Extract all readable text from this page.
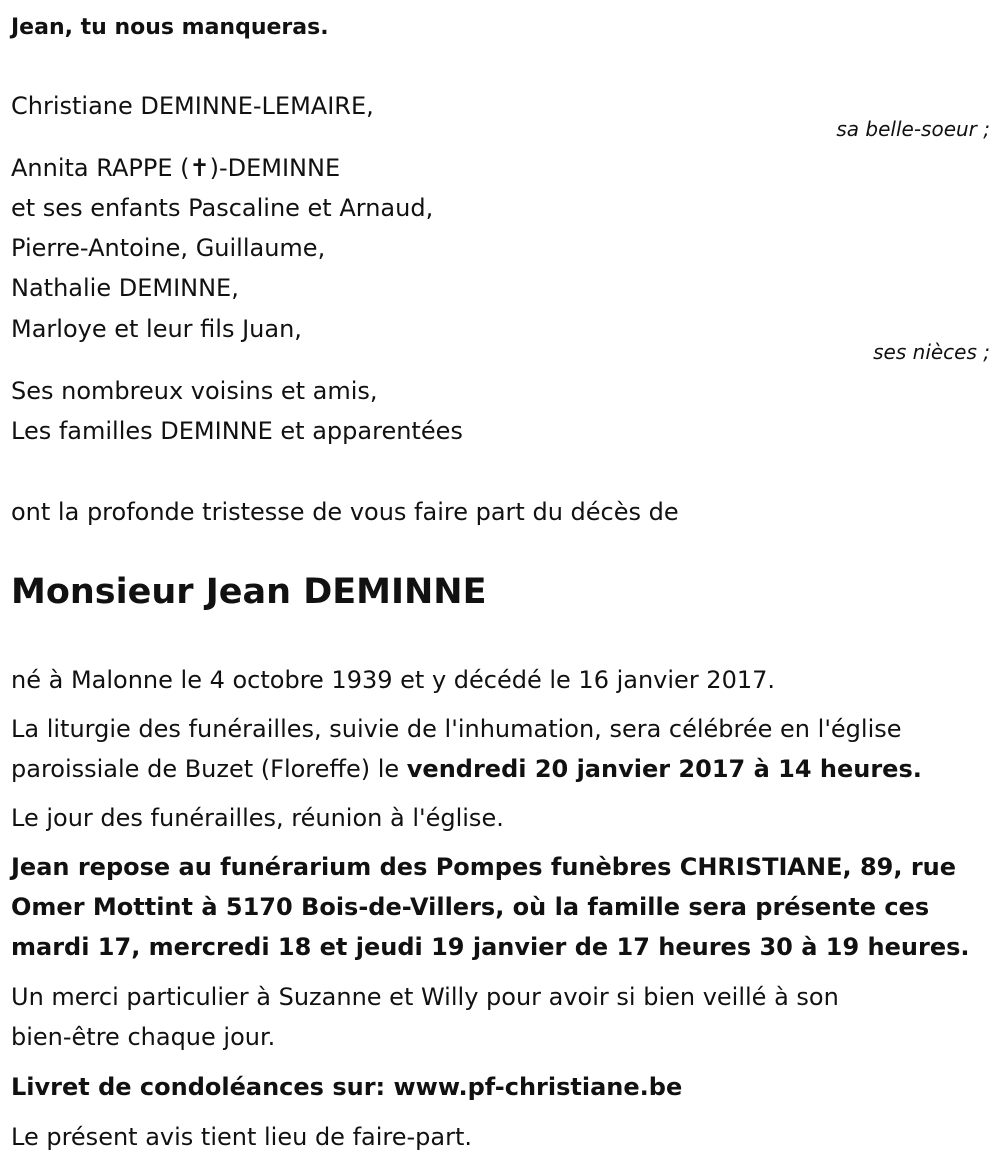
Jean, tu nous manqueras.
Christiane DEMINNE-LEMAIRE,
sa belle-soeur ;
Annita RAPPE (✝)-DEMINNE
et ses enfants Pascaline et Arnaud,
Pierre-Antoine, Guillaume,
Nathalie DEMINNE,
Marloye et leur fils Juan,
ses nièces ;
Ses nombreux voisins et amis,
Les familles DEMINNE et apparentées
ont la profonde tristesse de vous faire part du décès de
Monsieur Jean DEMINNE
né à Malonne le 4 octobre 1939 et y décédé le 16 janvier 2017.
La liturgie des funérailles, suivie de l'inhumation, sera célébrée en l'église
paroissiale de Buzet (Floreffe) le vendredi 20 janvier 2017 à 14 heures.
Le jour des funérailles, réunion à l'église.
Jean repose au funérarium des Pompes funèbres CHRISTIANE, 89, rue
Omer Mottint à 5170 Bois-de-Villers, où la famille sera présente ces
mardi 17, mercredi 18 et jeudi 19 janvier de 17 heures 30 à 19 heures.
Un merci particulier à Suzanne et Willy pour avoir si bien veillé à son
bien-être chaque jour.
Livret de condoléances sur: www.pf-christiane.be
Le présent avis tient lieu de faire-part.
